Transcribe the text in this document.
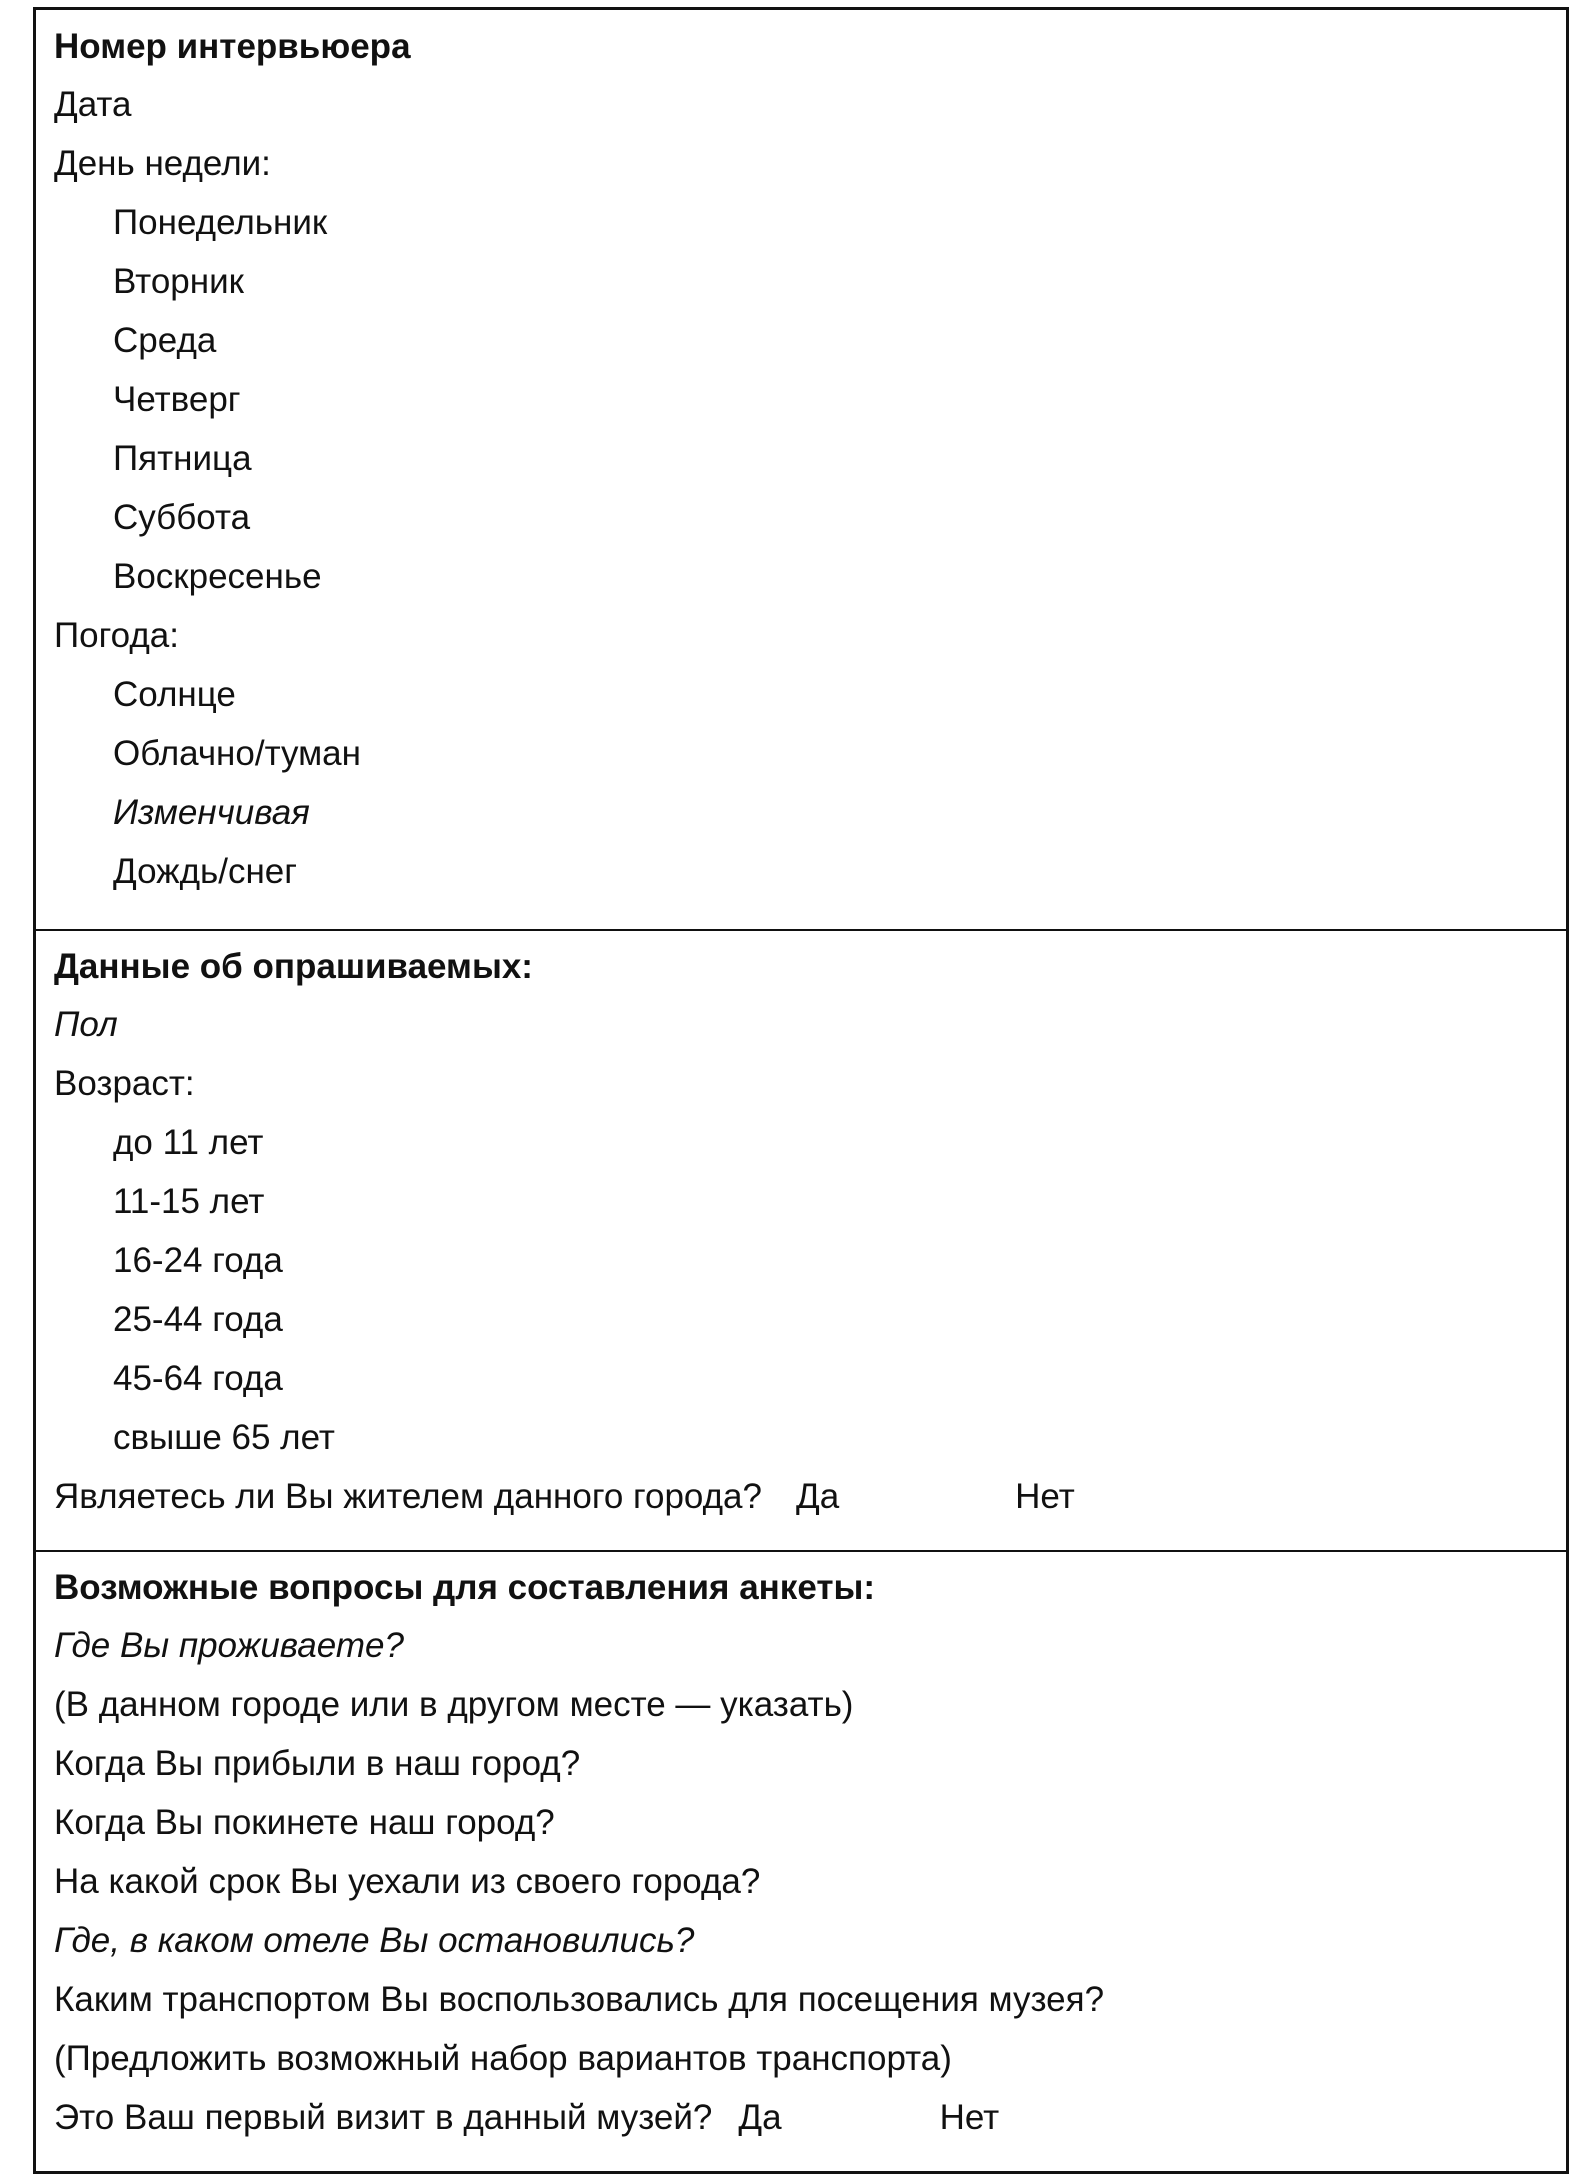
Номер интервьюера
Дата
День недели:
Понедельник
Вторник
Среда
Четверг
Пятница
Суббота
Воскресенье
Погода:
Солнце
Облачно/туман
Изменчивая
Дождь/снег
Данные об опрашиваемых:
Пол
Возраст:
до 11 лет
11-15 лет
16-24 года
25-44 года
45-64 года
свыше 65 лет
Являетесь ли Вы жителем данного города? Да	Нет
Возможные вопросы для составления анкеты:
Где Вы проживаете?
(В данном городе или в другом месте — указать)
Когда Вы прибыли в наш город?
Когда Вы покинете наш город?
На какой срок Вы уехали из своего города?
Где, в каком отеле Вы остановились?
Каким транспортом Вы воспользовались для посещения музея?
(Предложить возможный набор вариантов транспорта)
Это Ваш первый визит в данный музей? Да	Нет
